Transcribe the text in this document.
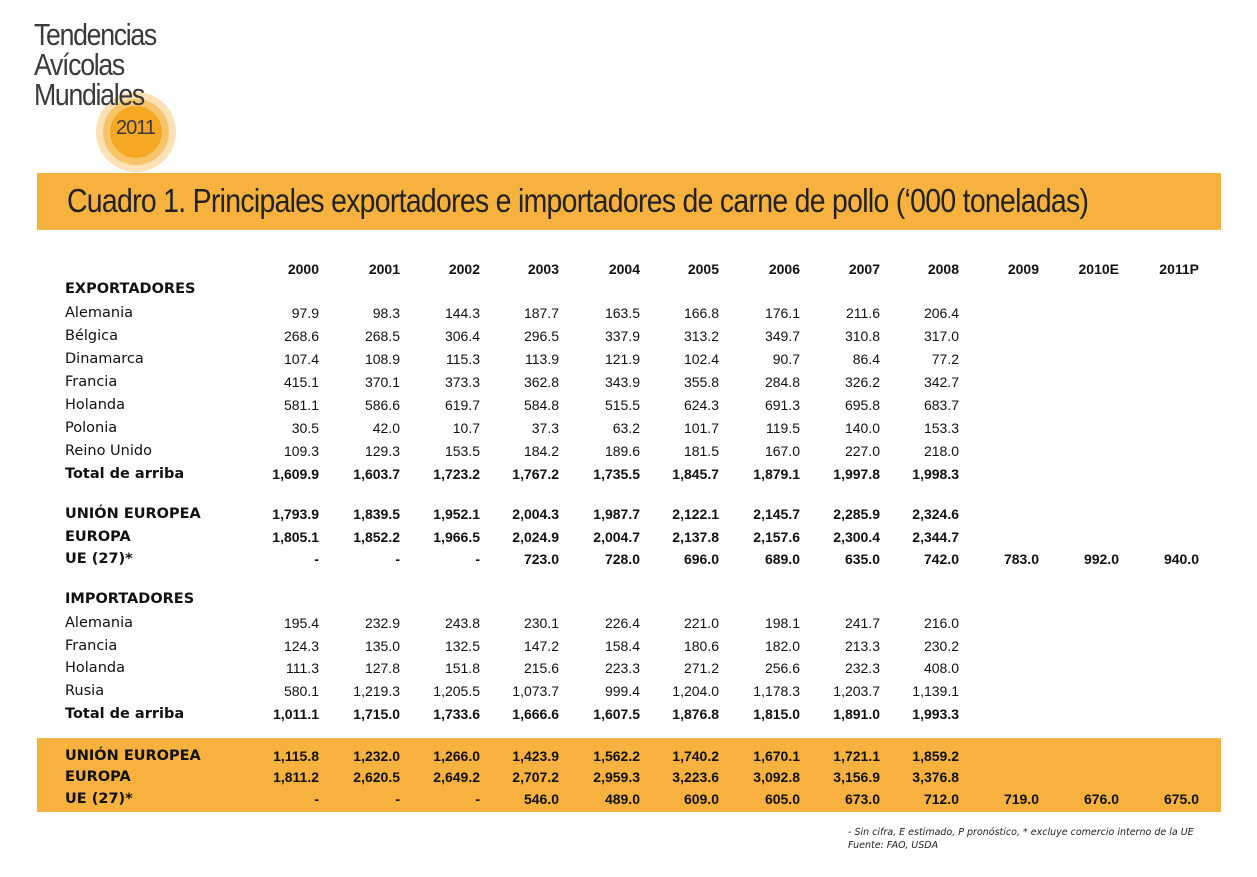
Tendencias
Avícolas
Mundiales
2011
Cuadro 1. Principales exportadores e importadores de carne de pollo (‘000 toneladas)
2000	2001	2002	2003	2004	2005	2006	2007	2008	2009	2010E	2011P
EXPORTADORES
Alemania	97.9	98.3	144.3	187.7	163.5	166.8	176.1	211.6	206.4
Bélgica	268.6	268.5	306.4	296.5	337.9	313.2	349.7	310.8	317.0
Dinamarca	107.4	108.9	115.3	113.9	121.9	102.4	90.7	86.4	77.2
Francia	415.1	370.1	373.3	362.8	343.9	355.8	284.8	326.2	342.7
Holanda	581.1	586.6	619.7	584.8	515.5	624.3	691.3	695.8	683.7
Polonia	30.5	42.0	10.7	37.3	63.2	101.7	119.5	140.0	153.3
Reino Unido	109.3	129.3	153.5	184.2	189.6	181.5	167.0	227.0	218.0
Total de arriba	1,609.9	1,603.7	1,723.2	1,767.2	1,735.5	1,845.7	1,879.1	1,997.8	1,998.3
UNIÓN EUROPEA	1,793.9	1,839.5	1,952.1	2,004.3	1,987.7	2,122.1	2,145.7	2,285.9	2,324.6
EUROPA	1,805.1	1,852.2	1,966.5	2,024.9	2,004.7	2,137.8	2,157.6	2,300.4	2,344.7
UE (27)*	-	-	-	723.0	728.0	696.0	689.0	635.0	742.0	783.0	992.0	940.0
IMPORTADORES
Alemania	195.4	232.9	243.8	230.1	226.4	221.0	198.1	241.7	216.0
Francia	124.3	135.0	132.5	147.2	158.4	180.6	182.0	213.3	230.2
Holanda	111.3	127.8	151.8	215.6	223.3	271.2	256.6	232.3	408.0
Rusia	580.1	1,219.3	1,205.5	1,073.7	999.4	1,204.0	1,178.3	1,203.7	1,139.1
Total de arriba	1,011.1	1,715.0	1,733.6	1,666.6	1,607.5	1,876.8	1,815.0	1,891.0	1,993.3
UNIÓN EUROPEA	1,115.8	1,232.0	1,266.0	1,423.9	1,562.2	1,740.2	1,670.1	1,721.1	1,859.2
EUROPA	1,811.2	2,620.5	2,649.2	2,707.2	2,959.3	3,223.6	3,092.8	3,156.9	3,376.8
UE (27)*	-	-	-	546.0	489.0	609.0	605.0	673.0	712.0	719.0	676.0	675.0
- Sin cifra, E estimado, P pronóstico, * excluye comercio interno de la UE
Fuente: FAO, USDA
